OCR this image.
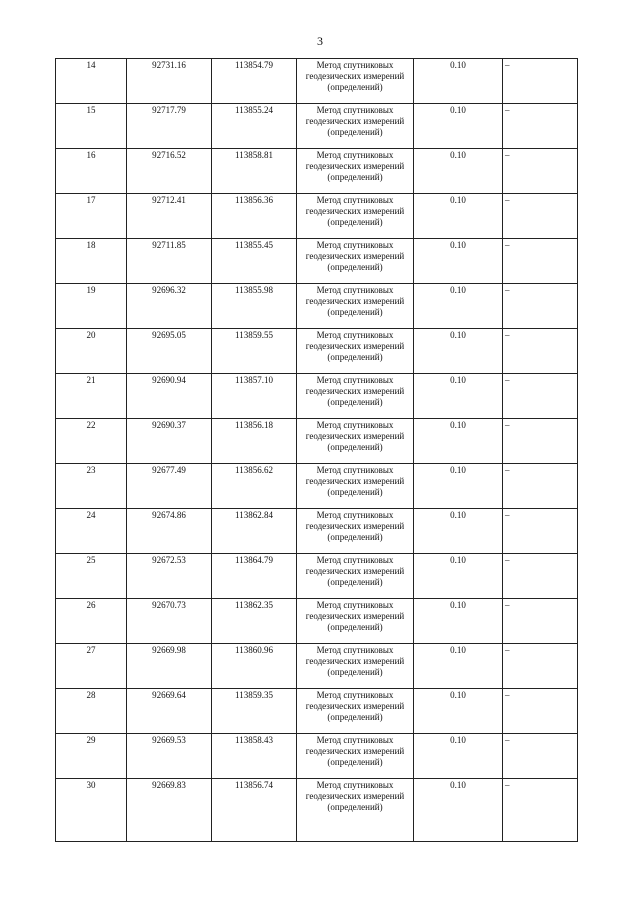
3
14	92731.16	113854.79	Метод спутниковых геодезических измерений (определений)	0.10	–
15	92717.79	113855.24	Метод спутниковых геодезических измерений (определений)	0.10	–
16	92716.52	113858.81	Метод спутниковых геодезических измерений (определений)	0.10	–
17	92712.41	113856.36	Метод спутниковых геодезических измерений (определений)	0.10	–
18	92711.85	113855.45	Метод спутниковых геодезических измерений (определений)	0.10	–
19	92696.32	113855.98	Метод спутниковых геодезических измерений (определений)	0.10	–
20	92695.05	113859.55	Метод спутниковых геодезических измерений (определений)	0.10	–
21	92690.94	113857.10	Метод спутниковых геодезических измерений (определений)	0.10	–
22	92690.37	113856.18	Метод спутниковых геодезических измерений (определений)	0.10	–
23	92677.49	113856.62	Метод спутниковых геодезических измерений (определений)	0.10	–
24	92674.86	113862.84	Метод спутниковых геодезических измерений (определений)	0.10	–
25	92672.53	113864.79	Метод спутниковых геодезических измерений (определений)	0.10	–
26	92670.73	113862.35	Метод спутниковых геодезических измерений (определений)	0.10	–
27	92669.98	113860.96	Метод спутниковых геодезических измерений (определений)	0.10	–
28	92669.64	113859.35	Метод спутниковых геодезических измерений (определений)	0.10	–
29	92669.53	113858.43	Метод спутниковых геодезических измерений (определений)	0.10	–
30	92669.83	113856.74	Метод спутниковых геодезических измерений (определений)	0.10	–
